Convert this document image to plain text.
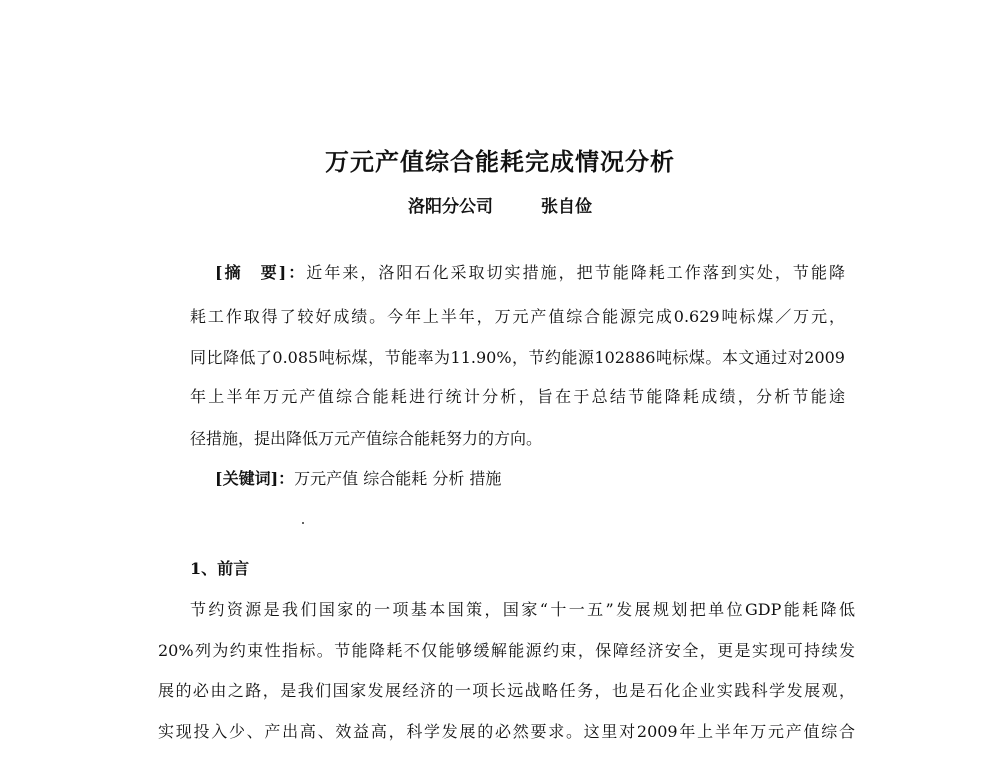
万元产值综合能耗完成情况分析
洛阳分公司	张自俭
[摘　要]：近年来，洛阳石化采取切实措施，把节能降耗工作落到实处，节能降
耗工作取得了较好成绩。今年上半年，万元产值综合能源完成0.629吨标煤／万元，
同比降低了0.085吨标煤，节能率为11.90%，节约能源102886吨标煤。本文通过对2009
年上半年万元产值综合能耗进行统计分析，旨在于总结节能降耗成绩，分析节能途
径措施，提出降低万元产值综合能耗努力的方向。
[关键词]：万元产值 综合能耗 分析 措施
1、前言
节约资源是我们国家的一项基本国策，国家“十一五”发展规划把单位GDP能耗降低
20%列为约束性指标。节能降耗不仅能够缓解能源约束，保障经济安全，更是实现可持续发
展的必由之路，是我们国家发展经济的一项长远战略任务，也是石化企业实践科学发展观，
实现投入少、产出高、效益高，科学发展的必然要求。这里对2009年上半年万元产值综合
